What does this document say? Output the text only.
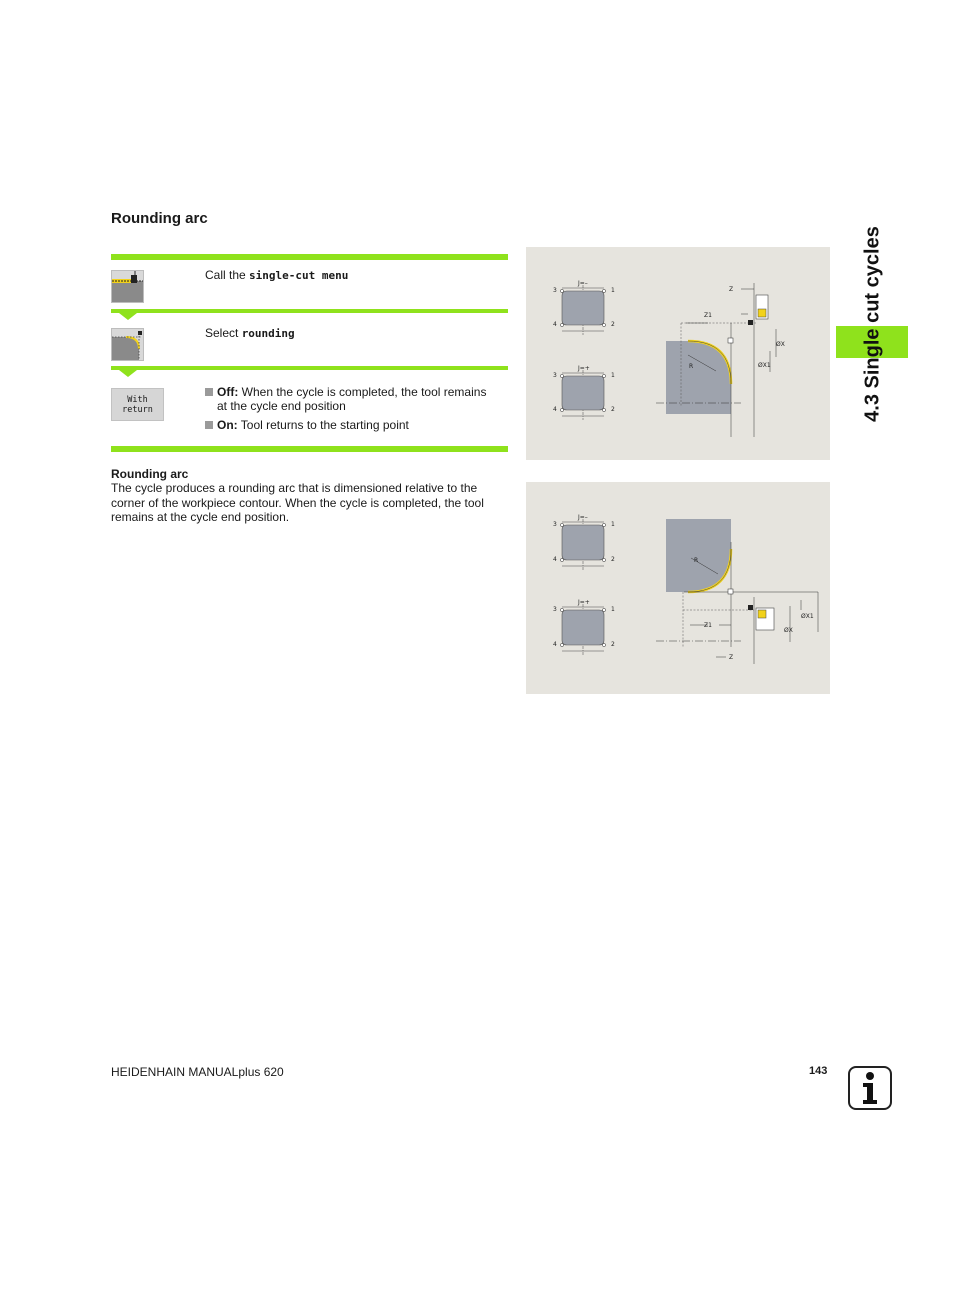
Rounding arc
Call the single-cut menu
Select rounding
With
return
Off: When the cycle is completed, the tool remains
at the cycle end position
On: Tool returns to the starting point
Rounding arc
The cycle produces a rounding arc that is dimensioned relative to the corner of the workpiece contour. When the cycle is completed, the tool remains at the cycle end position.
J=–
3	1
4	2
J=+
3	1
4	2
R
Z
Z1
ØX
ØX1
J=–
3	1
4	2
J=+
3	1
4	2
R
Z1
Z
ØX1
ØX
4.3 Single cut cycles
HEIDENHAIN MANUALplus 620	143
